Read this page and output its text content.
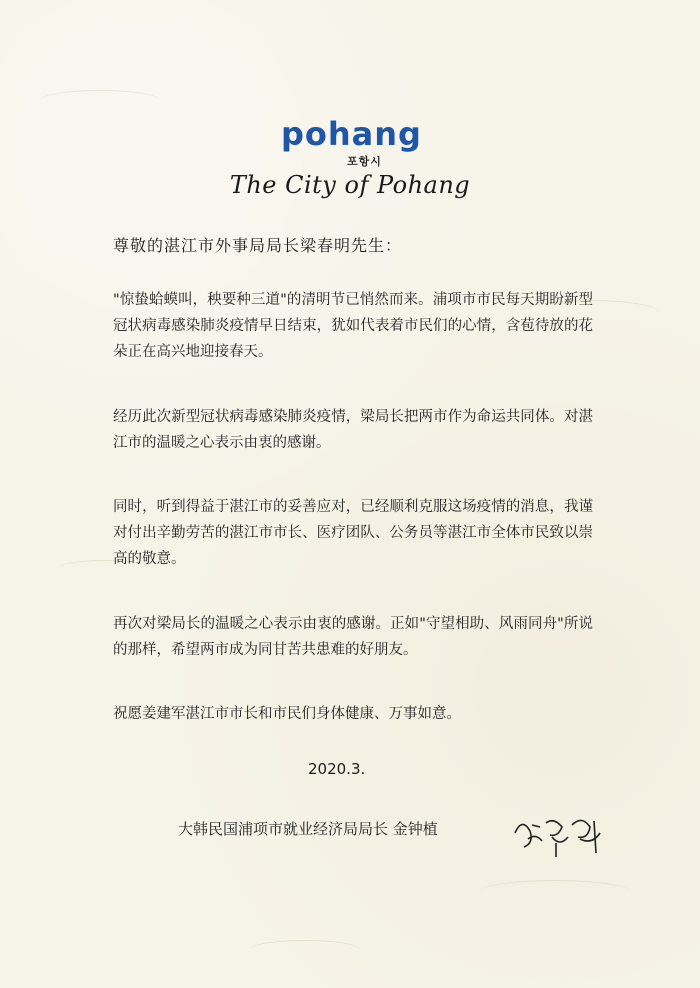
pohang
포항시
The City of Pohang
尊敬的湛江市外事局局长梁春明先生：
"惊蛰蛤蟆叫，秧要种三道"的清明节已悄然而来。浦项市市民每天期盼新型冠状病毒感染肺炎疫情早日结束，犹如代表着市民们的心情，含苞待放的花朵正在高兴地迎接春天。
经历此次新型冠状病毒感染肺炎疫情，梁局长把两市作为命运共同体。对湛江市的温暖之心表示由衷的感谢。
同时，听到得益于湛江市的妥善应对，已经顺利克服这场疫情的消息，我谨对付出辛勤劳苦的湛江市市长、医疗团队、公务员等湛江市全体市民致以崇高的敬意。
再次对梁局长的温暖之心表示由衷的感谢。正如"守望相助、风雨同舟"所说的那样，希望两市成为同甘苦共患难的好朋友。
祝愿姜建军湛江市市长和市民们身体健康、万事如意。
2020.3.
大韩民国浦项市就业经济局局长 金钟植
